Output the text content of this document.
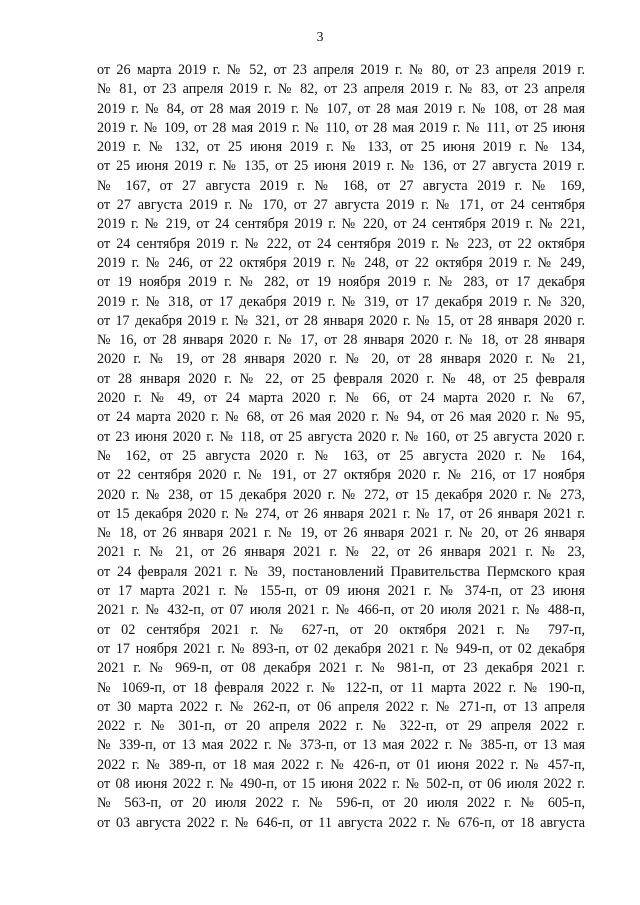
3
от 26 марта 2019 г. № 52, от 23 апреля 2019 г. № 80, от 23 апреля 2019 г.
№ 81, от 23 апреля 2019 г. № 82, от 23 апреля 2019 г. № 83, от 23 апреля
2019 г. № 84, от 28 мая 2019 г. № 107, от 28 мая 2019 г. № 108, от 28 мая
2019 г. № 109, от 28 мая 2019 г. № 110, от 28 мая 2019 г. № 111, от 25 июня
2019 г. № 132, от 25 июня 2019 г. № 133, от 25 июня 2019 г. № 134,
от 25 июня 2019 г. № 135, от 25 июня 2019 г. № 136, от 27 августа 2019 г.
№ 167, от 27 августа 2019 г. № 168, от 27 августа 2019 г. № 169,
от 27 августа 2019 г. № 170, от 27 августа 2019 г. № 171, от 24 сентября
2019 г. № 219, от 24 сентября 2019 г. № 220, от 24 сентября 2019 г. № 221,
от 24 сентября 2019 г. № 222, от 24 сентября 2019 г. № 223, от 22 октября
2019 г. № 246, от 22 октября 2019 г. № 248, от 22 октября 2019 г. № 249,
от 19 ноября 2019 г. № 282, от 19 ноября 2019 г. № 283, от 17 декабря
2019 г. № 318, от 17 декабря 2019 г. № 319, от 17 декабря 2019 г. № 320,
от 17 декабря 2019 г. № 321, от 28 января 2020 г. № 15, от 28 января 2020 г.
№ 16, от 28 января 2020 г. № 17, от 28 января 2020 г. № 18, от 28 января
2020 г. № 19, от 28 января 2020 г. № 20, от 28 января 2020 г. № 21,
от 28 января 2020 г. № 22, от 25 февраля 2020 г. № 48, от 25 февраля
2020 г. № 49, от 24 марта 2020 г. № 66, от 24 марта 2020 г. № 67,
от 24 марта 2020 г. № 68, от 26 мая 2020 г. № 94, от 26 мая 2020 г. № 95,
от 23 июня 2020 г. № 118, от 25 августа 2020 г. № 160, от 25 августа 2020 г.
№ 162, от 25 августа 2020 г. № 163, от 25 августа 2020 г. № 164,
от 22 сентября 2020 г. № 191, от 27 октября 2020 г. № 216, от 17 ноября
2020 г. № 238, от 15 декабря 2020 г. № 272, от 15 декабря 2020 г. № 273,
от 15 декабря 2020 г. № 274, от 26 января 2021 г. № 17, от 26 января 2021 г.
№ 18, от 26 января 2021 г. № 19, от 26 января 2021 г. № 20, от 26 января
2021 г. № 21, от 26 января 2021 г. № 22, от 26 января 2021 г. № 23,
от 24 февраля 2021 г. № 39, постановлений Правительства Пермского края
от 17 марта 2021 г. № 155-п, от 09 июня 2021 г. № 374-п, от 23 июня
2021 г. № 432-п, от 07 июля 2021 г. № 466-п, от 20 июля 2021 г. № 488-п,
от 02 сентября 2021 г. № 627-п, от 20 октября 2021 г. № 797-п,
от 17 ноября 2021 г. № 893-п, от 02 декабря 2021 г. № 949-п, от 02 декабря
2021 г. № 969-п, от 08 декабря 2021 г. № 981-п, от 23 декабря 2021 г.
№ 1069-п, от 18 февраля 2022 г. № 122-п, от 11 марта 2022 г. № 190-п,
от 30 марта 2022 г. № 262-п, от 06 апреля 2022 г. № 271-п, от 13 апреля
2022 г. № 301-п, от 20 апреля 2022 г. № 322-п, от 29 апреля 2022 г.
№ 339-п, от 13 мая 2022 г. № 373-п, от 13 мая 2022 г. № 385-п, от 13 мая
2022 г. № 389-п, от 18 мая 2022 г. № 426-п, от 01 июня 2022 г. № 457-п,
от 08 июня 2022 г. № 490-п, от 15 июня 2022 г. № 502-п, от 06 июля 2022 г.
№ 563-п, от 20 июля 2022 г. № 596-п, от 20 июля 2022 г. № 605-п,
от 03 августа 2022 г. № 646-п, от 11 августа 2022 г. № 676-п, от 18 августа
